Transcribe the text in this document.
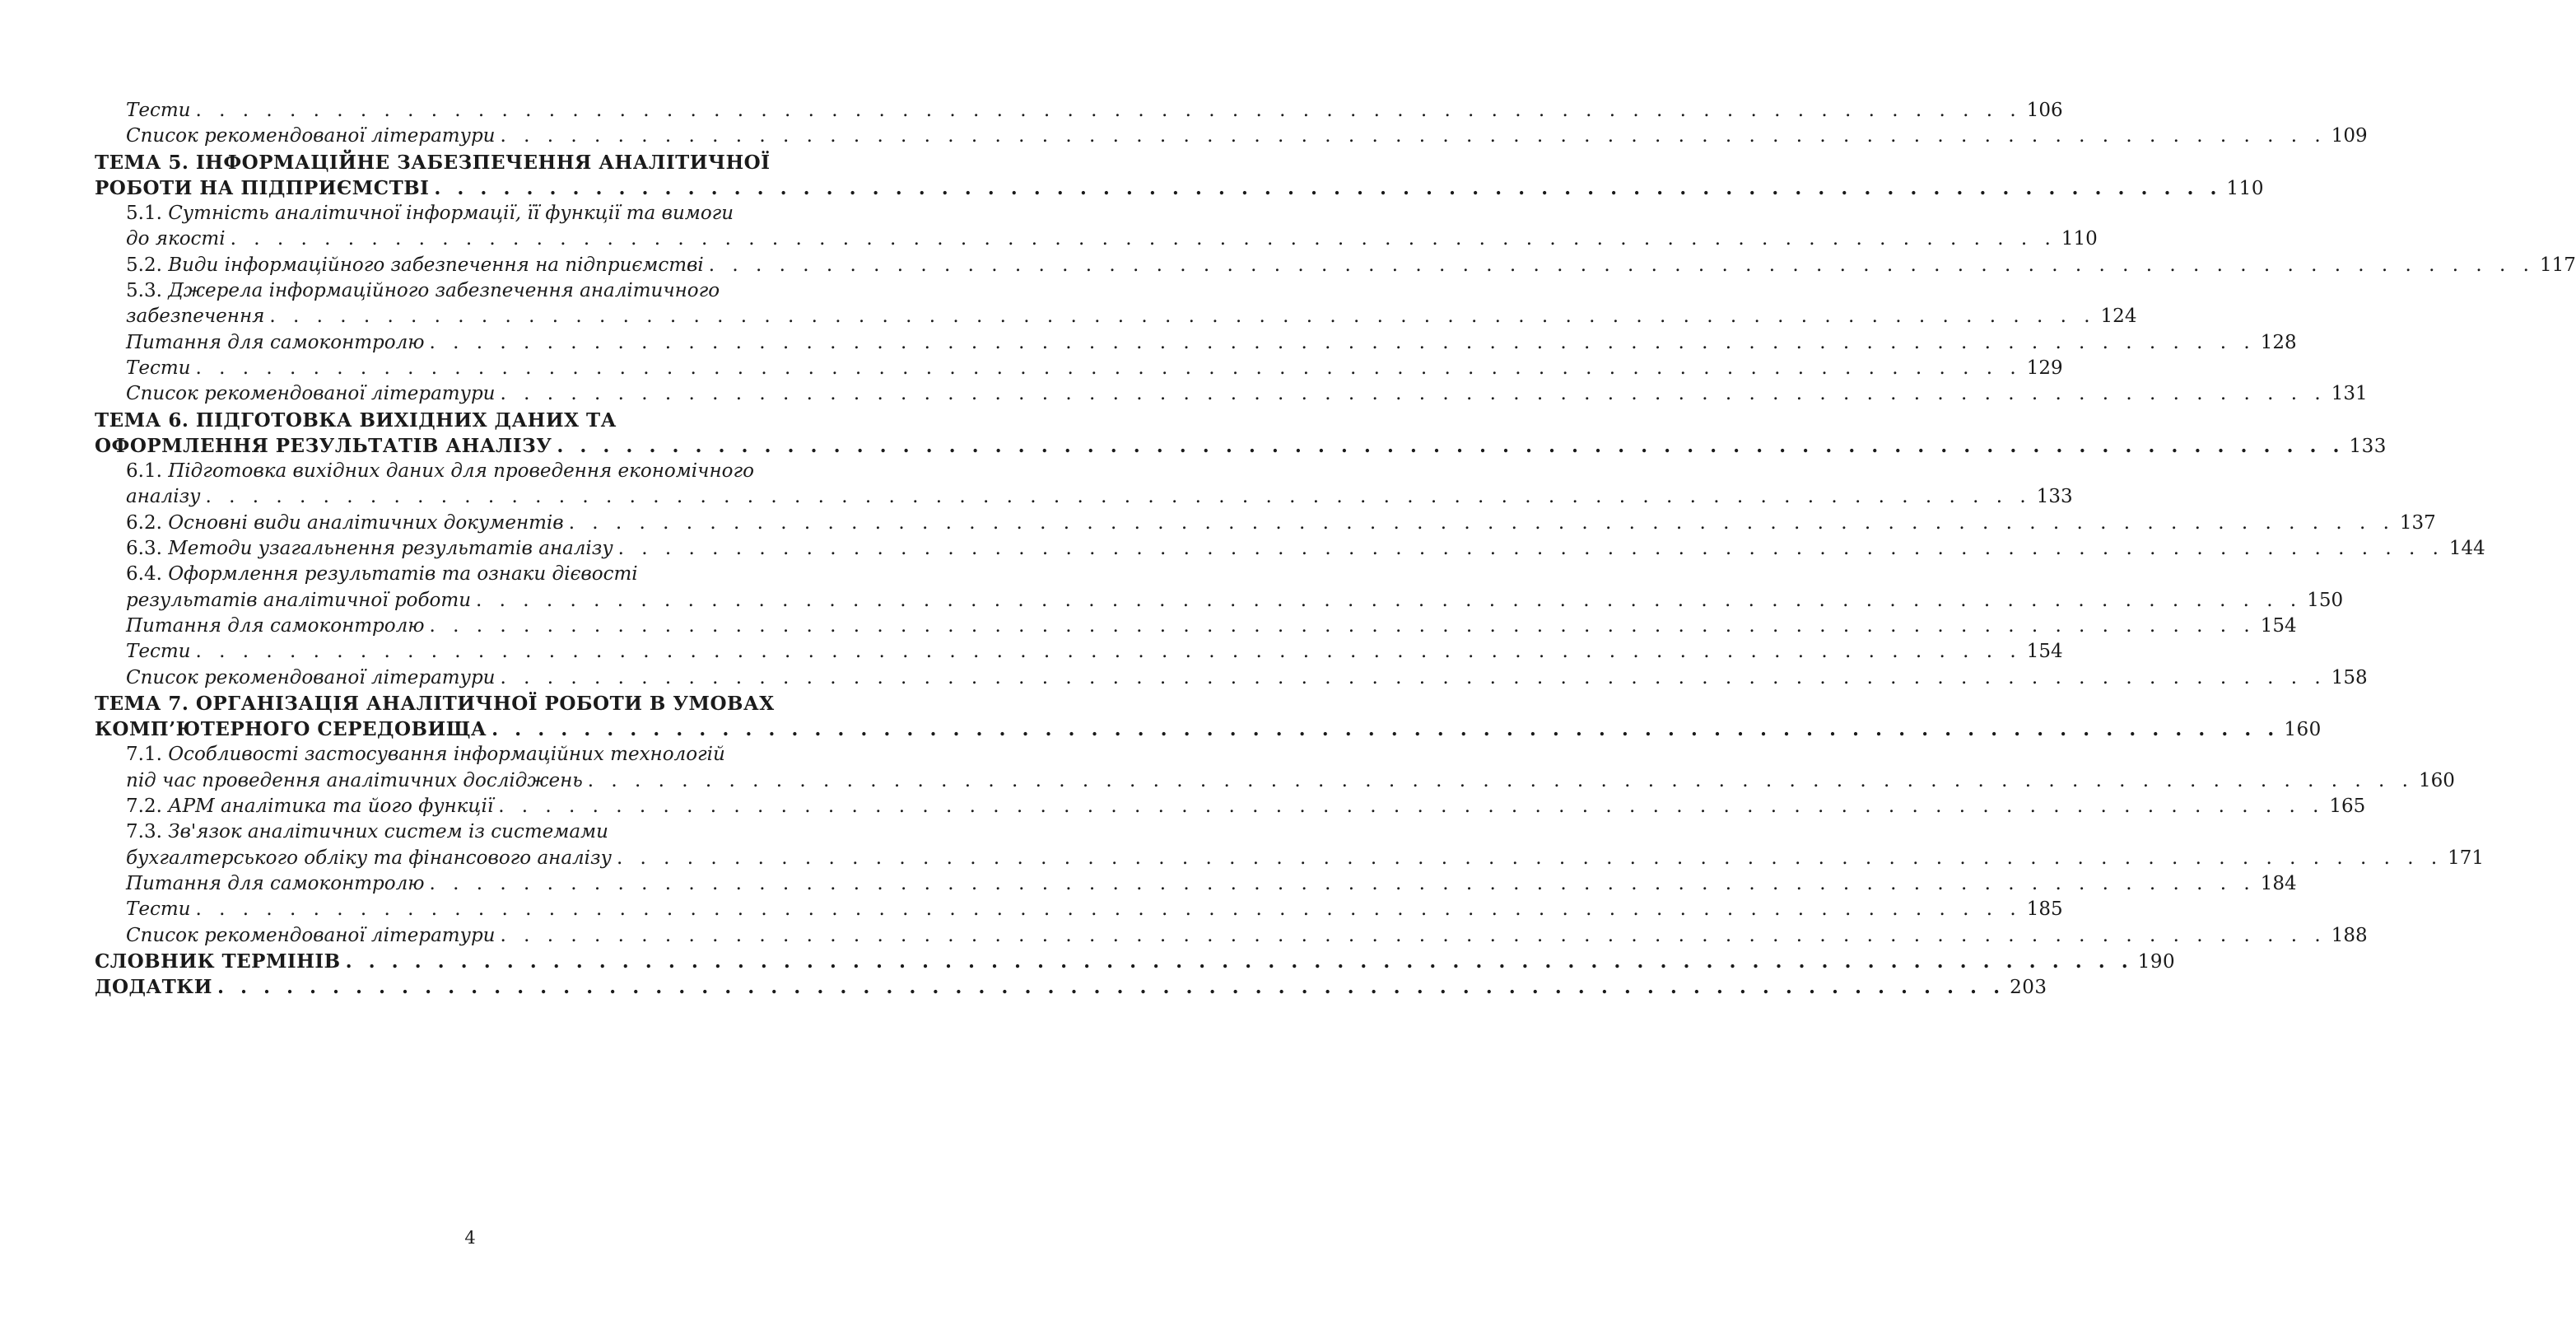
Тести . . . . . . . . . . . . . . . . . . . . . . . . . . . . . . . . . . . . . . . . . . . . . . . . . . . . . . . . . . . . . . . . . . . . . . . . . . . . . . 106
Список рекомендованої літератури . . . . . . . . . . . . . . . . . . . . . . . . . . . . . . . . . . . . . . . . . . . . . . . . . . . . . . . . . . . . . . . . . . . . . . . . . . . . . . 109
ТЕМА 5. ІНФОРМАЦІЙНЕ ЗАБЕЗПЕЧЕННЯ АНАЛІТИЧНОЇ
РОБОТИ НА ПІДПРИЄМСТВІ . . . . . . . . . . . . . . . . . . . . . . . . . . . . . . . . . . . . . . . . . . . . . . . . . . . . . . . . . . . . . . . . . . . . . . . . . . . . . . 110
5.1. Сутність аналітичної інформації, її функції та вимоги
до якості . . . . . . . . . . . . . . . . . . . . . . . . . . . . . . . . . . . . . . . . . . . . . . . . . . . . . . . . . . . . . . . . . . . . . . . . . . . . . . 110
5.2. Види інформаційного забезпечення на підприємстві . . . . . . . . . . . . . . . . . . . . . . . . . . . . . . . . . . . . . . . . . . . . . . . . . . . . . . . . . . . . . . . . . . . . . . . . . . . . . . 117
5.3. Джерела інформаційного забезпечення аналітичного
забезпечення . . . . . . . . . . . . . . . . . . . . . . . . . . . . . . . . . . . . . . . . . . . . . . . . . . . . . . . . . . . . . . . . . . . . . . . . . . . . . . 124
Питання для самоконтролю . . . . . . . . . . . . . . . . . . . . . . . . . . . . . . . . . . . . . . . . . . . . . . . . . . . . . . . . . . . . . . . . . . . . . . . . . . . . . . 128
Тести . . . . . . . . . . . . . . . . . . . . . . . . . . . . . . . . . . . . . . . . . . . . . . . . . . . . . . . . . . . . . . . . . . . . . . . . . . . . . . 129
Список рекомендованої літератури . . . . . . . . . . . . . . . . . . . . . . . . . . . . . . . . . . . . . . . . . . . . . . . . . . . . . . . . . . . . . . . . . . . . . . . . . . . . . . 131
ТЕМА 6. ПІДГОТОВКА ВИХІДНИХ ДАНИХ ТА
ОФОРМЛЕННЯ РЕЗУЛЬТАТІВ АНАЛІЗУ . . . . . . . . . . . . . . . . . . . . . . . . . . . . . . . . . . . . . . . . . . . . . . . . . . . . . . . . . . . . . . . . . . . . . . . . . . . . . . 133
6.1. Підготовка вихідних даних для проведення економічного
аналізу . . . . . . . . . . . . . . . . . . . . . . . . . . . . . . . . . . . . . . . . . . . . . . . . . . . . . . . . . . . . . . . . . . . . . . . . . . . . . . 133
6.2. Основні види аналітичних документів . . . . . . . . . . . . . . . . . . . . . . . . . . . . . . . . . . . . . . . . . . . . . . . . . . . . . . . . . . . . . . . . . . . . . . . . . . . . . . 137
6.3. Методи узагальнення результатів аналізу . . . . . . . . . . . . . . . . . . . . . . . . . . . . . . . . . . . . . . . . . . . . . . . . . . . . . . . . . . . . . . . . . . . . . . . . . . . . . . 144
6.4. Оформлення результатів та ознаки дієвості
результатів аналітичної роботи . . . . . . . . . . . . . . . . . . . . . . . . . . . . . . . . . . . . . . . . . . . . . . . . . . . . . . . . . . . . . . . . . . . . . . . . . . . . . . 150
Питання для самоконтролю . . . . . . . . . . . . . . . . . . . . . . . . . . . . . . . . . . . . . . . . . . . . . . . . . . . . . . . . . . . . . . . . . . . . . . . . . . . . . . 154
Тести . . . . . . . . . . . . . . . . . . . . . . . . . . . . . . . . . . . . . . . . . . . . . . . . . . . . . . . . . . . . . . . . . . . . . . . . . . . . . . 154
Список рекомендованої літератури . . . . . . . . . . . . . . . . . . . . . . . . . . . . . . . . . . . . . . . . . . . . . . . . . . . . . . . . . . . . . . . . . . . . . . . . . . . . . . 158
ТЕМА 7. ОРГАНІЗАЦІЯ АНАЛІТИЧНОЇ РОБОТИ В УМОВАХ
КОМП’ЮТЕРНОГО СЕРЕДОВИЩА . . . . . . . . . . . . . . . . . . . . . . . . . . . . . . . . . . . . . . . . . . . . . . . . . . . . . . . . . . . . . . . . . . . . . . . . . . . . . . 160
7.1. Особливості застосування інформаційних технологій
під час проведення аналітичних досліджень . . . . . . . . . . . . . . . . . . . . . . . . . . . . . . . . . . . . . . . . . . . . . . . . . . . . . . . . . . . . . . . . . . . . . . . . . . . . . . 160
7.2. АРМ аналітика та його функції . . . . . . . . . . . . . . . . . . . . . . . . . . . . . . . . . . . . . . . . . . . . . . . . . . . . . . . . . . . . . . . . . . . . . . . . . . . . . . 165
7.3. Зв'язок аналітичних систем із системами
бухгалтерського обліку та фінансового аналізу . . . . . . . . . . . . . . . . . . . . . . . . . . . . . . . . . . . . . . . . . . . . . . . . . . . . . . . . . . . . . . . . . . . . . . . . . . . . . . 171
Питання для самоконтролю . . . . . . . . . . . . . . . . . . . . . . . . . . . . . . . . . . . . . . . . . . . . . . . . . . . . . . . . . . . . . . . . . . . . . . . . . . . . . . 184
Тести . . . . . . . . . . . . . . . . . . . . . . . . . . . . . . . . . . . . . . . . . . . . . . . . . . . . . . . . . . . . . . . . . . . . . . . . . . . . . . 185
Список рекомендованої літератури . . . . . . . . . . . . . . . . . . . . . . . . . . . . . . . . . . . . . . . . . . . . . . . . . . . . . . . . . . . . . . . . . . . . . . . . . . . . . . 188
СЛОВНИК ТЕРМІНІВ . . . . . . . . . . . . . . . . . . . . . . . . . . . . . . . . . . . . . . . . . . . . . . . . . . . . . . . . . . . . . . . . . . . . . . . . . . . . . . 190
ДОДАТКИ . . . . . . . . . . . . . . . . . . . . . . . . . . . . . . . . . . . . . . . . . . . . . . . . . . . . . . . . . . . . . . . . . . . . . . . . . . . . . . 203
4
